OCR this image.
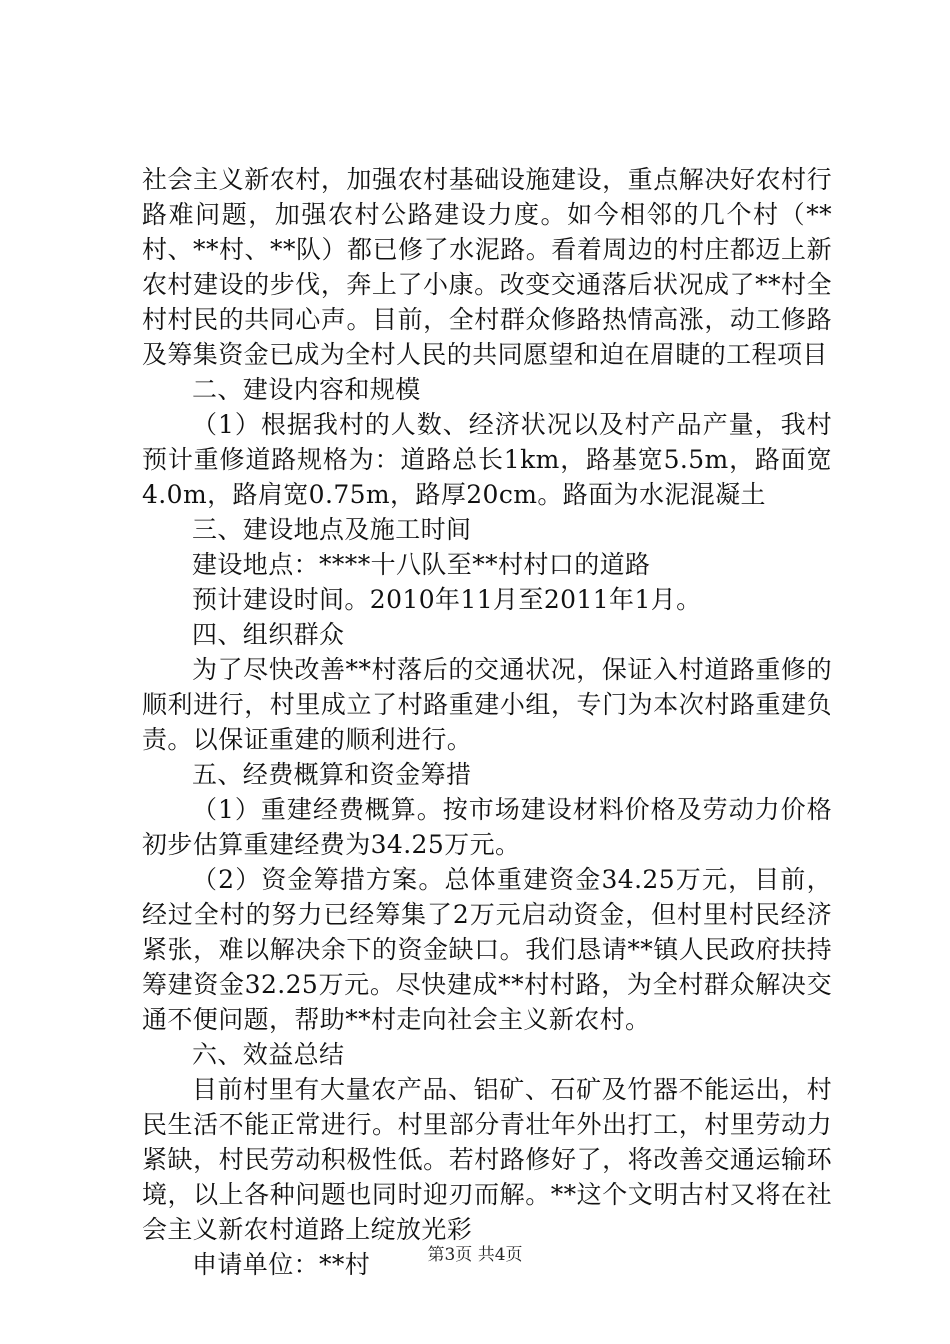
社会主义新农村，加强农村基础设施建设，重点解决好农村行路难问题，加强农村公路建设力度。如今相邻的几个村（**村、**村、**队）都已修了水泥路。看着周边的村庄都迈上新农村建设的步伐，奔上了小康。改变交通落后状况成了**村全村村民的共同心声。目前，全村群众修路热情高涨，动工修路及筹集资金已成为全村人民的共同愿望和迫在眉睫的工程项目

二、建设内容和规模

（1）根据我村的人数、经济状况以及村产品产量，我村预计重修道路规格为：道路总长1km，路基宽5.5m，路面宽4.0m，路肩宽0.75m，路厚20cm。路面为水泥混凝土

三、建设地点及施工时间

建设地点：****十八队至**村村口的道路

预计建设时间。2010年11月至2011年1月。

四、组织群众

为了尽快改善**村落后的交通状况，保证入村道路重修的顺利进行，村里成立了村路重建小组，专门为本次村路重建负责。以保证重建的顺利进行。

五、经费概算和资金筹措

（1）重建经费概算。按市场建设材料价格及劳动力价格初步估算重建经费为34.25万元。

（2）资金筹措方案。总体重建资金34.25万元，目前，经过全村的努力已经筹集了2万元启动资金，但村里村民经济紧张，难以解决余下的资金缺口。我们恳请**镇人民政府扶持筹建资金32.25万元。尽快建成**村村路，为全村群众解决交通不便问题，帮助**村走向社会主义新农村。

六、效益总结

目前村里有大量农产品、铝矿、石矿及竹器不能运出，村民生活不能正常进行。村里部分青壮年外出打工，村里劳动力紧缺，村民劳动积极性低。若村路修好了，将改善交通运输环境，以上各种问题也同时迎刃而解。**这个文明古村又将在社会主义新农村道路上绽放光彩

申请单位：**村	第3页 共4页
